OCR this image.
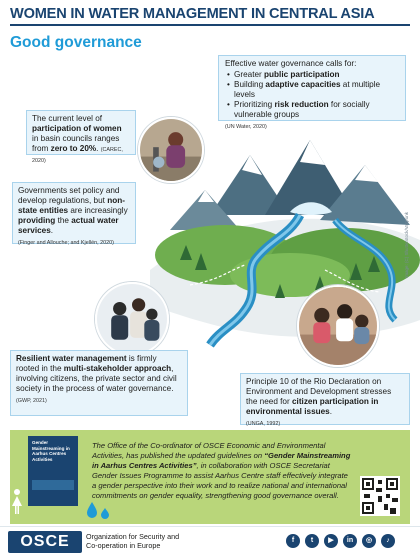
WOMEN IN WATER MANAGEMENT IN CENTRAL ASIA
Good governance
Image: (C) Shutterstock/Vacpunk
Effective water governance calls for:
• Greater public participation
• Building adaptive capacities at multiple levels
• Prioritizing risk reduction for socially vulnerable groups
(UN Water, 2020)
The current level of participation of women in basin councils ranges from zero to 20%. (CAREC, 2020)
Governments set policy and develop regulations, but non-state entities are increasingly providing the actual water services.
(Finger and Allouche; and Kjellén, 2020)
Resilient water management is firmly rooted in the multi-stakeholder approach, involving citizens, the private sector and civil society in the process of water governance.
(GWP, 2021)
Principle 10 of the Rio Declaration on Environment and Development stresses the need for citizen participation in environmental issues.
(UNGA, 1992)
Gender Mainstreaming in Aarhus Centres Activities
The Office of the Co-ordinator of OSCE Economic and Environmental Activities, has published the updated guidelines on “Gender Mainstreaming in Aarhus Centres Activities”, in collaboration with OSCE Secretariat Gender Issues Programme to assist Aarhus Centre staff effectively integrate a gender perspective into their work and to realize national and international commitments on gender equality, strengthening good governance overall.
OSCE	Organization for Security and
Co-operation in Europe
f	t	▶	in	◎	♪
